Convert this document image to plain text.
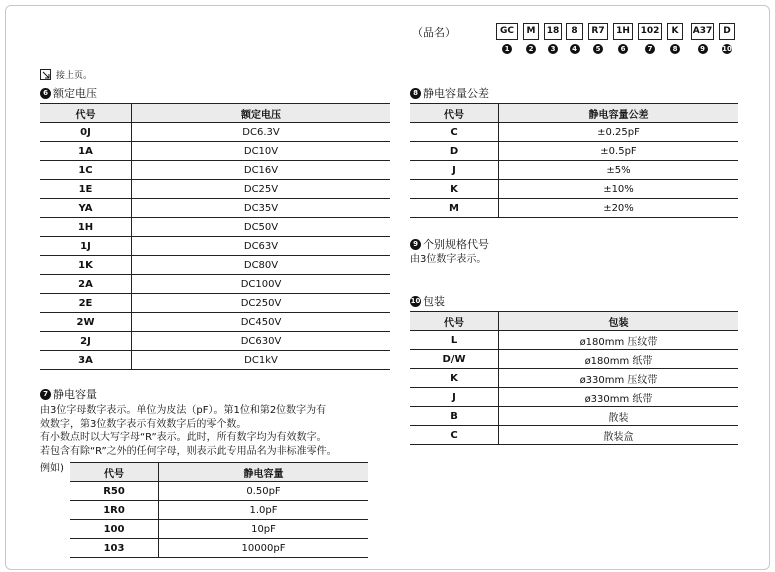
（品名）	GC
1
M
2
18
3
8
4
R7
5
1H
6
102
7
K
8
A37
9
D
10
接上页。
6 额定电压
代号	额定电压
0J	DC6.3V
1A	DC10V
1C	DC16V
1E	DC25V
YA	DC35V
1H	DC50V
1J	DC63V
1K	DC80V
2A	DC100V
2E	DC250V
2W	DC450V
2J	DC630V
3A	DC1kV
7 静电容量
由3位字母数字表示。单位为皮法（pF）。第1位和第2位数字为有
效数字，第3位数字表示有效数字后的零个数。
有小数点时以大写字母“R”表示。此时，所有数字均为有效数字。
若包含有除“R”之外的任何字母，则表示此专用品名为非标准零件。
例如)	代号	静电容量
R50	0.50pF
1R0	1.0pF
100	10pF
103	10000pF
8 静电容量公差
代号	静电容量公差
C	±0.25pF
D	±0.5pF
J	±5%
K	±10%
M	±20%
9 个别规格代号
由3位数字表示。
10 包装
代号	包装
L	ø180mm 压纹带
D/W	ø180mm 纸带
K	ø330mm 压纹带
J	ø330mm 纸带
B	散装
C	散装盒
